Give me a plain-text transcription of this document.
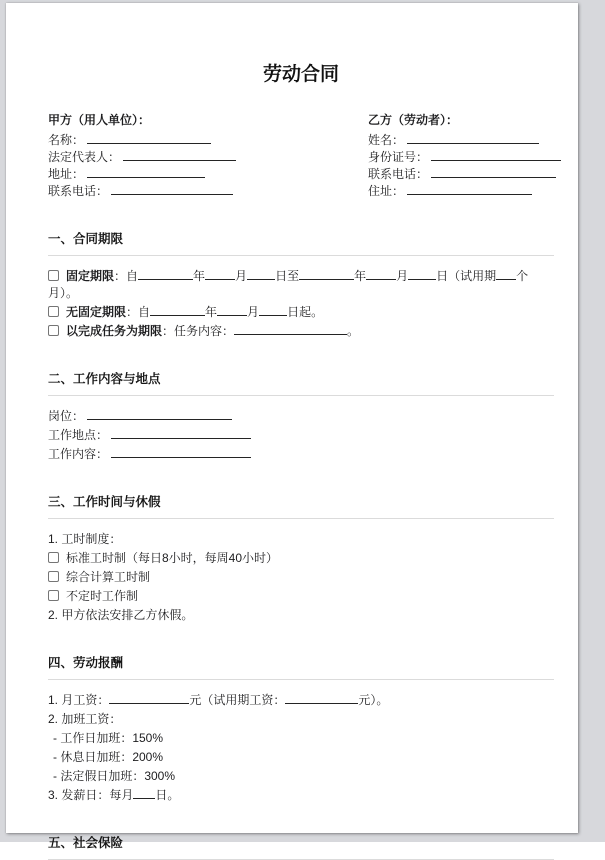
劳动合同
甲方（用人单位）：
名称：
法定代表人：
地址：
联系电话：
乙方（劳动者）：
姓名：
身份证号：
联系电话：
住址：
一、合同期限

固定期限：自	年	月 日至	年	月 日（试用期 个月）。

无固定期限：自	年	月 日起。

以完成任务为期限：任务内容：	。

二、工作内容与地点
岗位：
工作地点：
工作内容：
三、工作时间与休假
1. 工时制度：
标准工时制（每日8小时，每周40小时）
综合计算工时制
不定时工作制
2. 甲方依法安排乙方休假。
四、劳动报酬
1. 月工资：	元（试用期工资：	元）。
2. 加班工资：
- 工作日加班：150%
- 休息日加班：200%
- 法定假日加班：300%
3. 发薪日：每月 日。
五、社会保险
